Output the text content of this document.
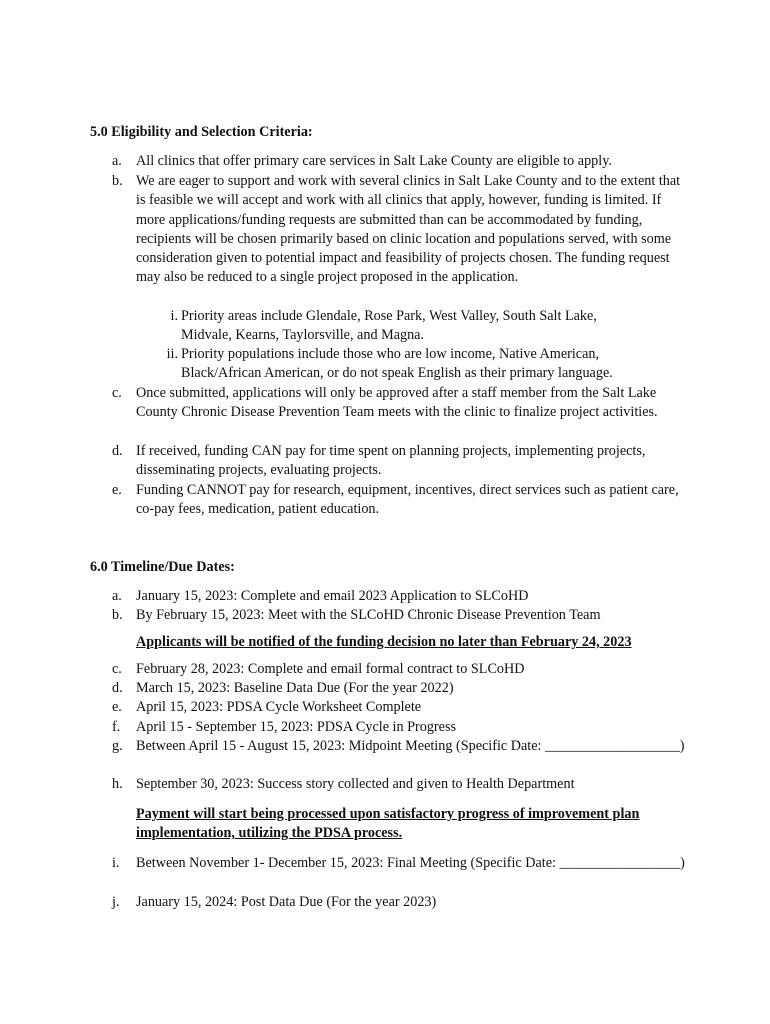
5.0 Eligibility and Selection Criteria:
a. All clinics that offer primary care services in Salt Lake County are eligible to apply.
b. We are eager to support and work with several clinics in Salt Lake County and to the extent that is feasible we will accept and work with all clinics that apply, however, funding is limited. If more applications/funding requests are submitted than can be accommodated by funding, recipients will be chosen primarily based on clinic location and populations served, with some consideration given to potential impact and feasibility of projects chosen. The funding request may also be reduced to a single project proposed in the application.
i. Priority areas include Glendale, Rose Park, West Valley, South Salt Lake, Midvale, Kearns, Taylorsville, and Magna.
ii. Priority populations include those who are low income, Native American, Black/African American, or do not speak English as their primary language.
c. Once submitted, applications will only be approved after a staff member from the Salt Lake County Chronic Disease Prevention Team meets with the clinic to finalize project activities.
d. If received, funding CAN pay for time spent on planning projects, implementing projects, disseminating projects, evaluating projects.
e. Funding CANNOT pay for research, equipment, incentives, direct services such as patient care, co-pay fees, medication, patient education.
6.0 Timeline/Due Dates:
a. January 15, 2023: Complete and email 2023 Application to SLCoHD
b. By February 15, 2023: Meet with the SLCoHD Chronic Disease Prevention Team
Applicants will be notified of the funding decision no later than February 24, 2023
c. February 28, 2023: Complete and email formal contract to SLCoHD
d. March 15, 2023: Baseline Data Due (For the year 2022)
e. April 15, 2023: PDSA Cycle Worksheet Complete
f.	April 15 - September 15, 2023: PDSA Cycle in Progress
g. Between April 15 - August 15, 2023: Midpoint Meeting (Specific Date: ___________________)
h. September 30, 2023: Success story collected and given to Health Department
Payment will start being processed upon satisfactory progress of improvement plan implementation, utilizing the PDSA process.
i.	Between November 1- December 15, 2023: Final Meeting (Specific Date: _________________)
j.	January 15, 2024: Post Data Due (For the year 2023)
